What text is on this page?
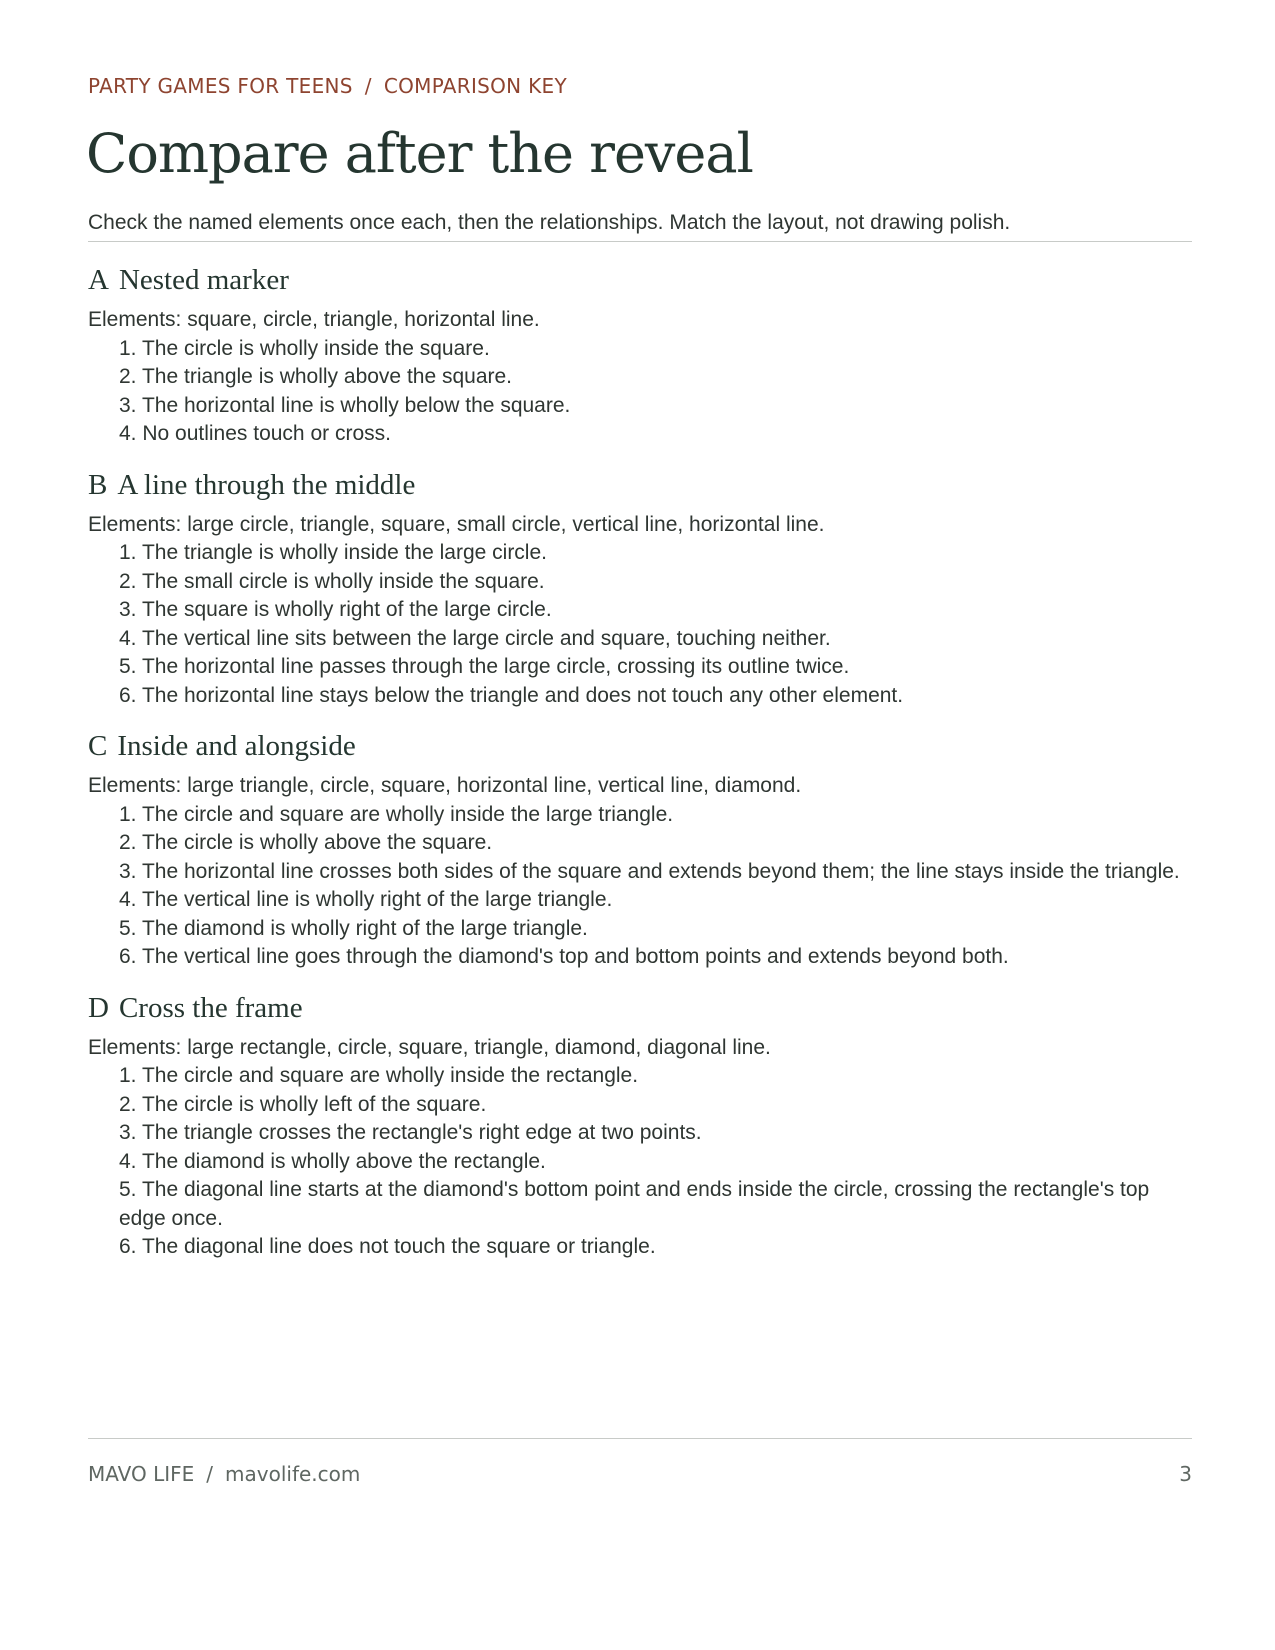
PARTY GAMES FOR TEENS / COMPARISON KEY
Compare after the reveal

Check the named elements once each, then the relationships. Match the layout, not drawing polish.

A Nested marker

Elements: square, circle, triangle, horizontal line.

1. The circle is wholly inside the square.
2. The triangle is wholly above the square.
3. The horizontal line is wholly below the square.
4. No outlines touch or cross.
B A line through the middle

Elements: large circle, triangle, square, small circle, vertical line, horizontal line.

1. The triangle is wholly inside the large circle.
2. The small circle is wholly inside the square.
3. The square is wholly right of the large circle.
4. The vertical line sits between the large circle and square, touching neither.
5. The horizontal line passes through the large circle, crossing its outline twice.
6. The horizontal line stays below the triangle and does not touch any other element.
C Inside and alongside

Elements: large triangle, circle, square, horizontal line, vertical line, diamond.

1. The circle and square are wholly inside the large triangle.
2. The circle is wholly above the square.
3. The horizontal line crosses both sides of the square and extends beyond them; the line stays inside the triangle.
4. The vertical line is wholly right of the large triangle.
5. The diamond is wholly right of the large triangle.
6. The vertical line goes through the diamond's top and bottom points and extends beyond both.
D Cross the frame

Elements: large rectangle, circle, square, triangle, diamond, diagonal line.

1. The circle and square are wholly inside the rectangle.
2. The circle is wholly left of the square.
3. The triangle crosses the rectangle's right edge at two points.
4. The diamond is wholly above the rectangle.
5. The diagonal line starts at the diamond's bottom point and ends inside the circle, crossing the rectangle's top edge once.
6. The diagonal line does not touch the square or triangle.
MAVO LIFE / mavolife.com	3
